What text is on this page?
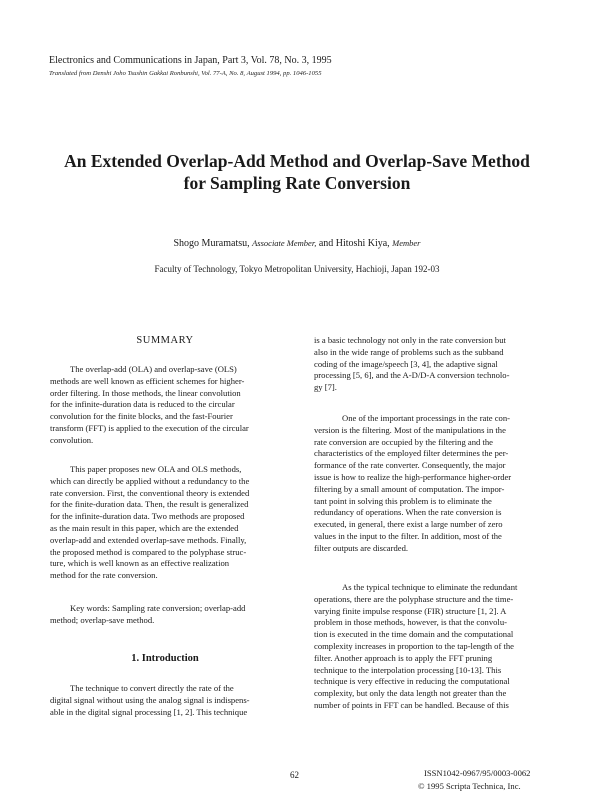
Electronics and Communications in Japan, Part 3, Vol. 78, No. 3, 1995
Translated from Denshi Joho Tsushin Gakkai Ronbunshi, Vol. 77-A, No. 8, August 1994, pp. 1046-1055
An Extended Overlap-Add Method and Overlap-Save Method
for Sampling Rate Conversion
Shogo Muramatsu, Associate Member, and Hitoshi Kiya, Member
Faculty of Technology, Tokyo Metropolitan University, Hachioji, Japan 192-03
SUMMARY
The overlap-add (OLA) and overlap-save (OLS)
methods are well known as efficient schemes for higher-
order filtering. In those methods, the linear convolution
for the infinite-duration data is reduced to the circular
convolution for the finite blocks, and the fast-Fourier
transform (FFT) is applied to the execution of the circular
convolution.
This paper proposes new OLA and OLS methods,
which can directly be applied without a redundancy to the
rate conversion. First, the conventional theory is extended
for the finite-duration data. Then, the result is generalized
for the infinite-duration data. Two methods are proposed
as the main result in this paper, which are the extended
overlap-add and extended overlap-save methods. Finally,
the proposed method is compared to the polyphase struc-
ture, which is well known as an effective realization
method for the rate conversion.
Key words: Sampling rate conversion; overlap-add
method; overlap-save method.
1. Introduction
The technique to convert directly the rate of the
digital signal without using the analog signal is indispens-
able in the digital signal processing [1, 2]. This technique
is a basic technology not only in the rate conversion but
also in the wide range of problems such as the subband
coding of the image/speech [3, 4], the adaptive signal
processing [5, 6], and the A-D/D-A conversion technolo-
gy [7].
One of the important processings in the rate con-
version is the filtering. Most of the manipulations in the
rate conversion are occupied by the filtering and the
characteristics of the employed filter determines the per-
formance of the rate converter. Consequently, the major
issue is how to realize the high-performance higher-order
filtering by a small amount of computation. The impor-
tant point in solving this problem is to eliminate the
redundancy of operations. When the rate conversion is
executed, in general, there exist a large number of zero
values in the input to the filter. In addition, most of the
filter outputs are discarded.
As the typical technique to eliminate the redundant
operations, there are the polyphase structure and the time-
varying finite impulse response (FIR) structure [1, 2]. A
problem in those methods, however, is that the convolu-
tion is executed in the time domain and the computational
complexity increases in proportion to the tap-length of the
filter. Another approach is to apply the FFT pruning
technique to the interpolation processing [10-13]. This
technique is very effective in reducing the computational
complexity, but only the data length not greater than the
number of points in FFT can be handled. Because of this
62	ISSN1042-0967/95/0003-0062
© 1995 Scripta Technica, Inc.
